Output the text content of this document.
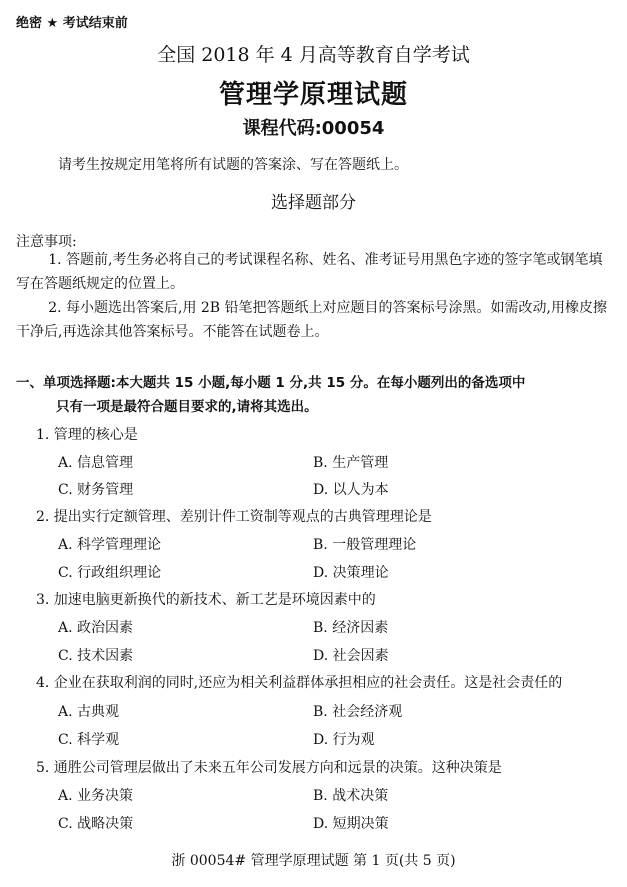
绝密 ★ 考试结束前
全国 2018 年 4 月高等教育自学考试
管理学原理试题
课程代码:00054
请考生按规定用笔将所有试题的答案涂、写在答题纸上。
选择题部分
注意事项:
1. 答题前,考生务必将自己的考试课程名称、姓名、准考证号用黑色字迹的签字笔或钢笔填写在答题纸规定的位置上。
2. 每小题选出答案后,用 2B 铅笔把答题纸上对应题目的答案标号涂黑。如需改动,用橡皮擦干净后,再选涂其他答案标号。不能答在试题卷上。
一、单项选择题:本大题共 15 小题,每小题 1 分,共 15 分。在每小题列出的备选项中
只有一项是最符合题目要求的,请将其选出。
1. 管理的核心是
A. 信息管理	B. 生产管理
C. 财务管理	D. 以人为本
2. 提出实行定额管理、差别计件工资制等观点的古典管理理论是
A. 科学管理理论	B. 一般管理理论
C. 行政组织理论	D. 决策理论
3. 加速电脑更新换代的新技术、新工艺是环境因素中的
A. 政治因素	B. 经济因素
C. 技术因素	D. 社会因素
4. 企业在获取利润的同时,还应为相关利益群体承担相应的社会责任。这是社会责任的
A. 古典观	B. 社会经济观
C. 科学观	D. 行为观
5. 通胜公司管理层做出了未来五年公司发展方向和远景的决策。这种决策是
A. 业务决策	B. 战术决策
C. 战略决策	D. 短期决策
浙 00054# 管理学原理试题 第 1 页(共 5 页)
